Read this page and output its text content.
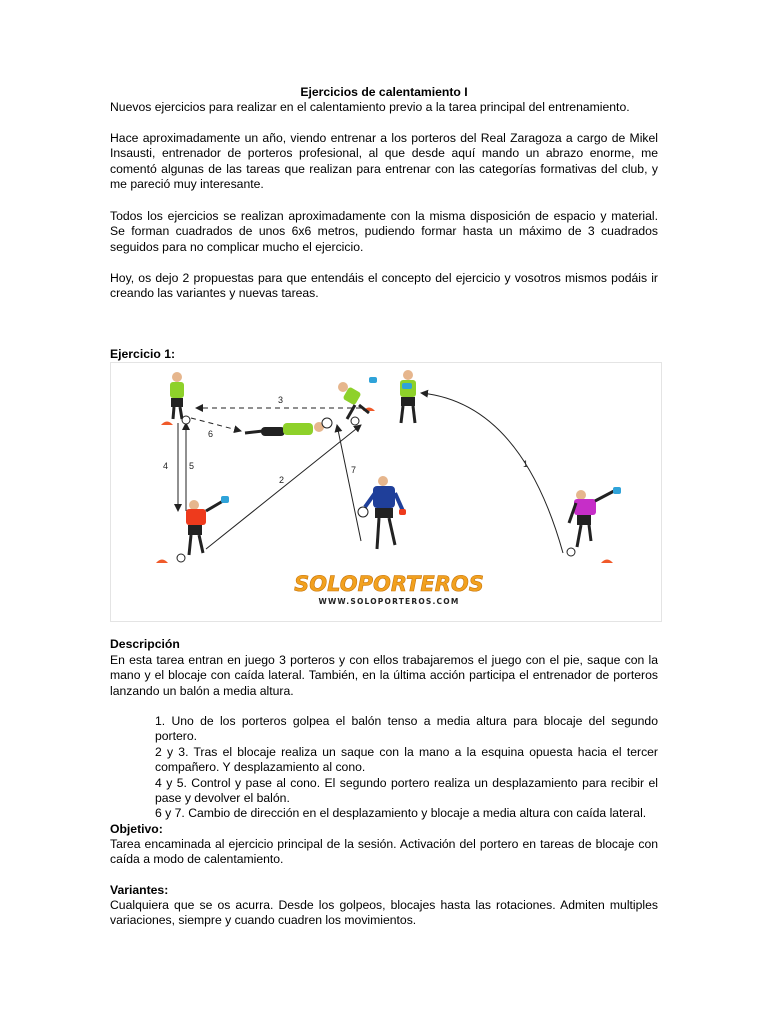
Ejercicios de calentamiento I

Nuevos ejercicios para realizar en el calentamiento previo a la tarea principal del entrenamiento.

Hace aproximadamente un año, viendo entrenar a los porteros del Real Zaragoza a cargo de Mikel Insausti, entrenador de porteros profesional, al que desde aquí mando un abrazo enorme, me comentó algunas de las tareas que realizan para entrenar con las categorías formativas del club, y me pareció muy interesante.

Todos los ejercicios se realizan aproximadamente con la misma disposición de espacio y material. Se forman cuadrados de unos 6x6 metros, pudiendo formar hasta un máximo de 3 cuadrados seguidos para no complicar mucho el ejercicio.

Hoy, os dejo 2 propuestas para que entendáis el concepto del ejercicio y vosotros mismos podáis ir creando las variantes y nuevas tareas.

Ejercicio 1:
3
6
4 5
2
7
1
SOLOPORTEROS
WWW.SOLOPORTEROS.COM
Descripción

En esta tarea entran en juego 3 porteros y con ellos trabajaremos el juego con el pie, saque con la mano y el blocaje con caída lateral. También, en la última acción participa el entrenador de porteros lanzando un balón a media altura.

1. Uno de los porteros golpea el balón tenso a media altura para blocaje del segundo portero.

2 y 3. Tras el blocaje realiza un saque con la mano a la esquina opuesta hacia el tercer compañero. Y desplazamiento al cono.

4 y 5. Control y pase al cono. El segundo portero realiza un desplazamiento para recibir el pase y devolver el balón.

6 y 7. Cambio de dirección en el desplazamiento y blocaje a media altura con caída lateral.

Objetivo:

Tarea encaminada al ejercicio principal de la sesión. Activación del portero en tareas de blocaje con caída a modo de calentamiento.

Variantes:

Cualquiera que se os acurra. Desde los golpeos, blocajes hasta las rotaciones. Admiten multiples variaciones, siempre y cuando cuadren los movimientos.
